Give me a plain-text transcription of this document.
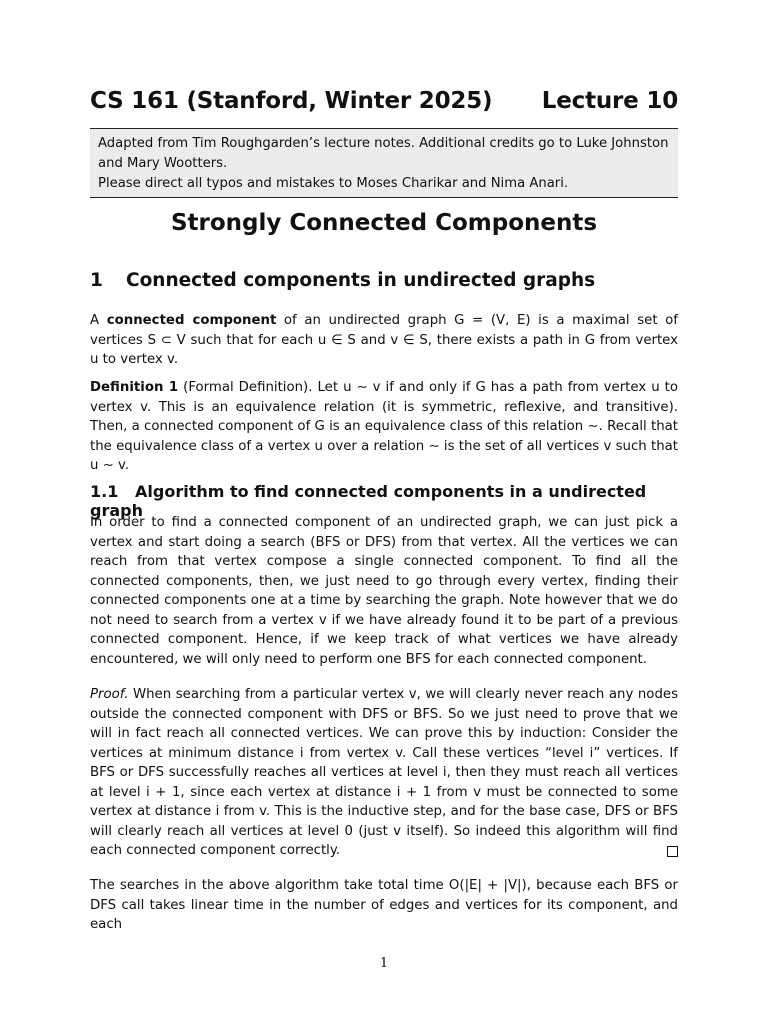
CS 161 (Stanford, Winter 2025) Lecture 10
Adapted from Tim Roughgarden’s lecture notes. Additional credits go to Luke Johnston
and Mary Wootters.
Please direct all typos and mistakes to Moses Charikar and Nima Anari.
Strongly Connected Components
1 Connected components in undirected graphs
A connected component of an undirected graph G = (V, E) is a maximal set of vertices S ⊂ V such that for each u ∈ S and v ∈ S, there exists a path in G from vertex u to vertex v.
Definition 1 (Formal Definition). Let u ∼ v if and only if G has a path from vertex u to vertex v. This is an equivalence relation (it is symmetric, reflexive, and transitive). Then, a connected component of G is an equivalence class of this relation ∼. Recall that the equivalence class of a vertex u over a relation ∼ is the set of all vertices v such that u ∼ v.
1.1 Algorithm to find connected components in a undirected graph
In order to find a connected component of an undirected graph, we can just pick a vertex and start doing a search (BFS or DFS) from that vertex. All the vertices we can reach from that vertex compose a single connected component. To find all the connected components, then, we just need to go through every vertex, finding their connected components one at a time by searching the graph. Note however that we do not need to search from a vertex v if we have already found it to be part of a previous connected component. Hence, if we keep track of what vertices we have already encountered, we will only need to perform one BFS for each connected component.
Proof. When searching from a particular vertex v, we will clearly never reach any nodes outside the connected component with DFS or BFS. So we just need to prove that we will in fact reach all connected vertices. We can prove this by induction: Consider the vertices at minimum distance i from vertex v. Call these vertices “level i” vertices. If BFS or DFS successfully reaches all vertices at level i, then they must reach all vertices at level i + 1, since each vertex at distance i + 1 from v must be connected to some vertex at distance i from v. This is the inductive step, and for the base case, DFS or BFS will clearly reach all vertices at level 0 (just v itself). So indeed this algorithm will find each connected component correctly.
The searches in the above algorithm take total time O(|E| + |V|), because each BFS or DFS call takes linear time in the number of edges and vertices for its component, and each
1
